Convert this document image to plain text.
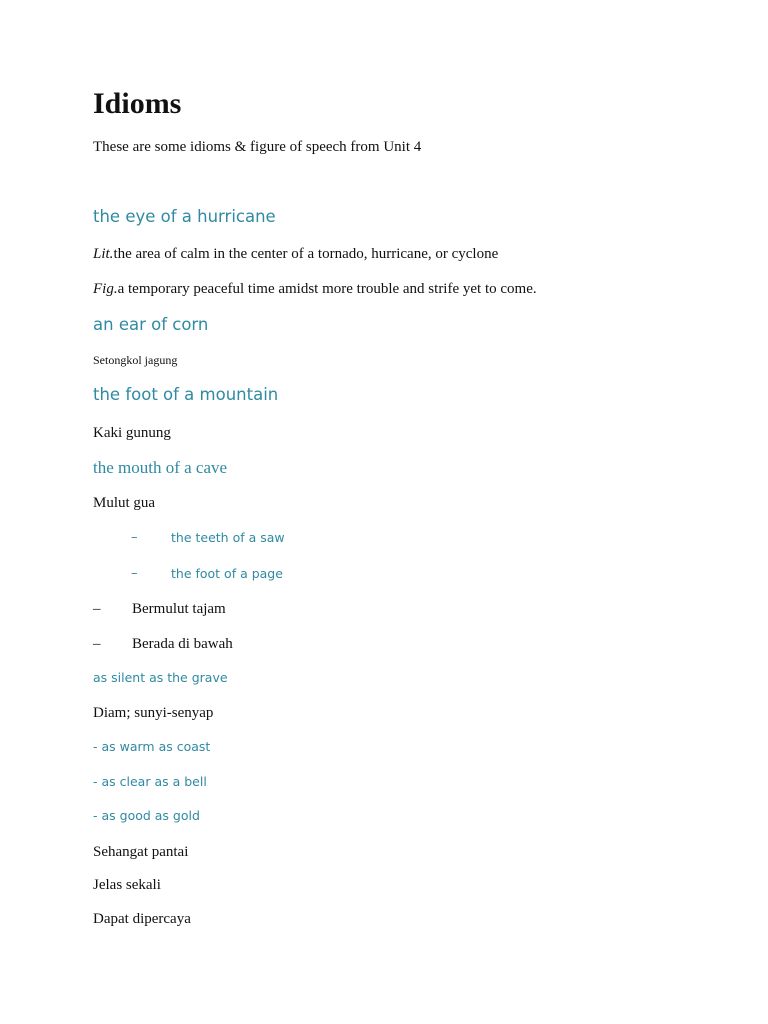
Idioms
These are some idioms & figure of speech from Unit 4
the eye of a hurricane
Lit.the area of calm in the center of a tornado, hurricane, or cyclone
Fig.a temporary peaceful time amidst more trouble and strife yet to come.
an ear of corn
Setongkol jagung
the foot of a mountain
Kaki gunung
the mouth of a cave
Mulut gua
–	the teeth of a saw
–	the foot of a page
– Bermulut tajam
– Berada di bawah
as silent as the grave
Diam; sunyi-senyap
- as warm as coast
- as clear as a bell
- as good as gold
Sehangat pantai
Jelas sekali
Dapat dipercaya
